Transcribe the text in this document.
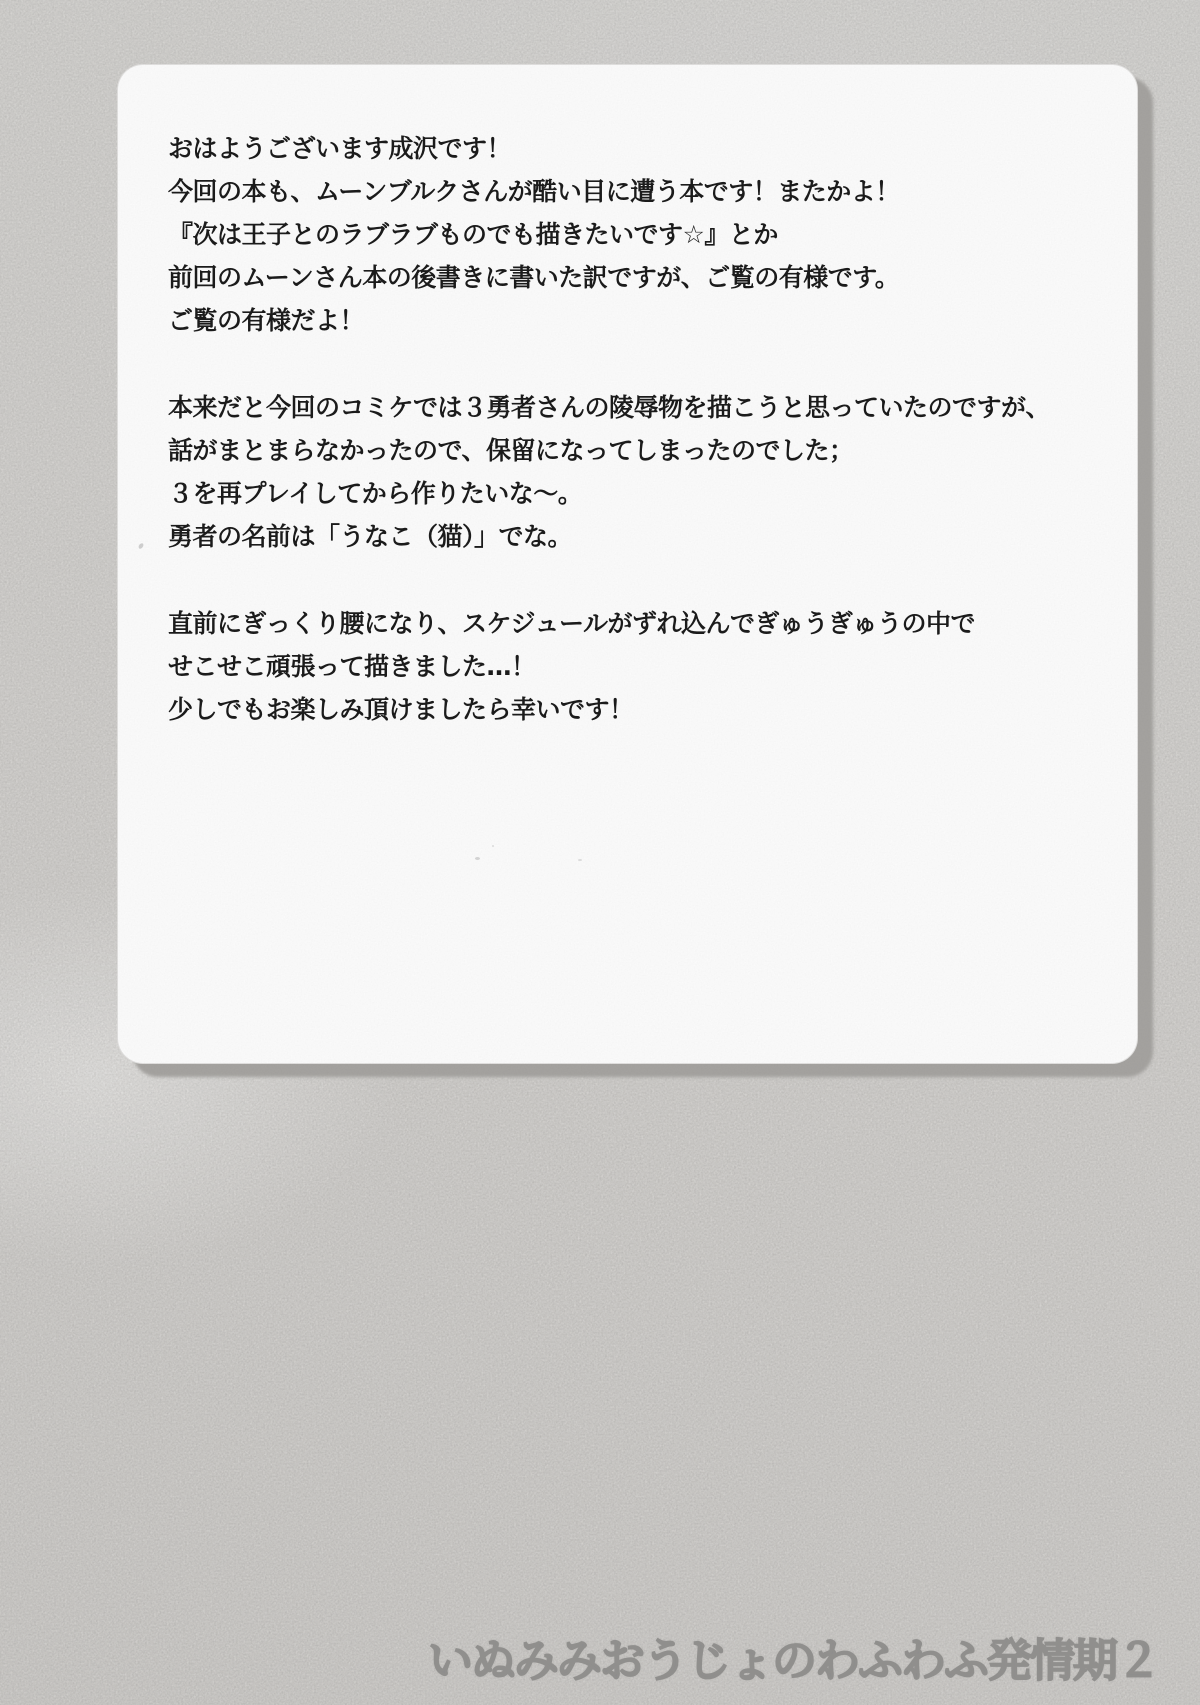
おはようございます成沢です！
今回の本も、ムーンブルクさんが酷い目に遭う本です！またかよ！
『次は王子とのラブラブものでも描きたいです☆』とか
前回のムーンさん本の後書きに書いた訳ですが、ご覧の有様です。
ご覧の有様だよ！
本来だと今回のコミケでは３勇者さんの陵辱物を描こうと思っていたのですが、
話がまとまらなかったので、保留になってしまったのでした；
３を再プレイしてから作りたいな～。
勇者の名前は「うなこ（猫）」でな。
直前にぎっくり腰になり、スケジュールがずれ込んでぎゅうぎゅうの中で
せこせこ頑張って描きました…！
少しでもお楽しみ頂けましたら幸いです！
いぬみみおうじょのわふわふ発情期２
